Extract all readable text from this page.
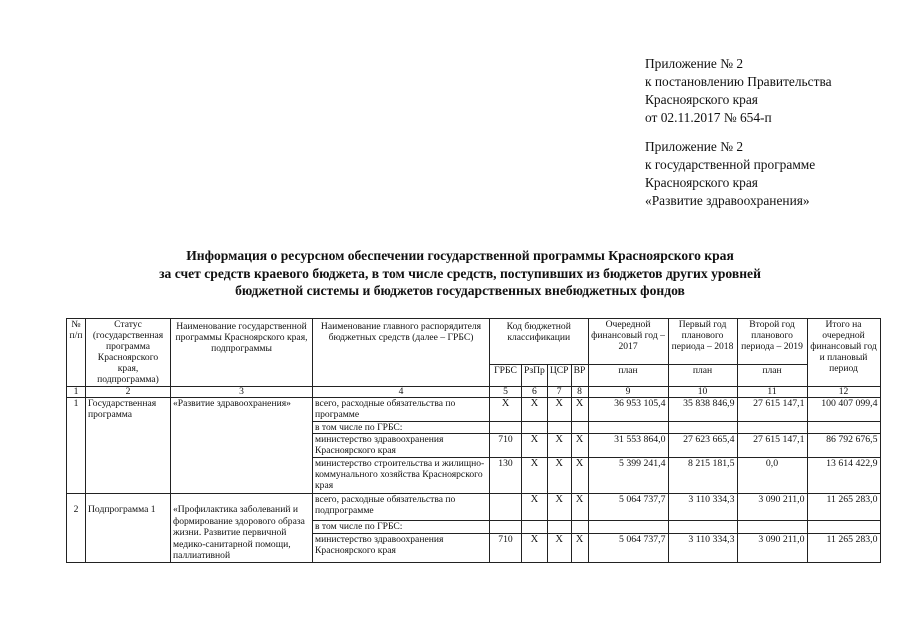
Приложение № 2
к постановлению Правительства
Красноярского края
от 02.11.2017 № 654-п
Приложение № 2
к государственной программе
Красноярского края
«Развитие здравоохранения»
Информация о ресурсном обеспечении государственной программы Красноярского края
за счет средств краевого бюджета, в том числе средств, поступивших из бюджетов других уровней
бюджетной системы и бюджетов государственных внебюджетных фондов
№ п/п	Статус (государственная программа Красноярского края, подпрограмма)	Наименование государственной программы Красноярского края, подпрограммы	Наименование главного распорядителя бюджетных средств (далее – ГРБС)	Код бюджетной классификации				Очередной финансовый год – 2017	Первый год планового периода – 2018	Второй год планового периода – 2019	Итого на очередной финансовый год и плановый период
				ГРБС	РзПр	ЦСР	ВР	план	план	план	
1	2	3	4	5	6	7	8	9	10	11	12
1	Государственная программа	«Развитие здравоохранения»	всего, расходные обязательства по программе	X	X	X	X	36 953 105,4	35 838 846,9	27 615 147,1	100 407 099,4
			в том числе по ГРБС:								
			министерство здравоохранения Красноярского края	710	X	X	X	31 553 864,0	27 623 665,4	27 615 147,1	86 792 676,5
			министерство строительства и жилищно-коммунального хозяйства Красноярского края	130	X	X	X	5 399 241,4	8 215 181,5	0,0	13 614 422,9
2	Подпрограмма 1	«Профилактика заболеваний и формирование здорового образа жизни. Развитие первичной медико-санитарной помощи, паллиативной	всего, расходные обязательства по подпрограмме		X	X	X	5 064 737,7	3 110 334,3	3 090 211,0	11 265 283,0
			в том числе по ГРБС:								
			министерство здравоохранения Красноярского края	710	X	X	X	5 064 737,7	3 110 334,3	3 090 211,0	11 265 283,0
